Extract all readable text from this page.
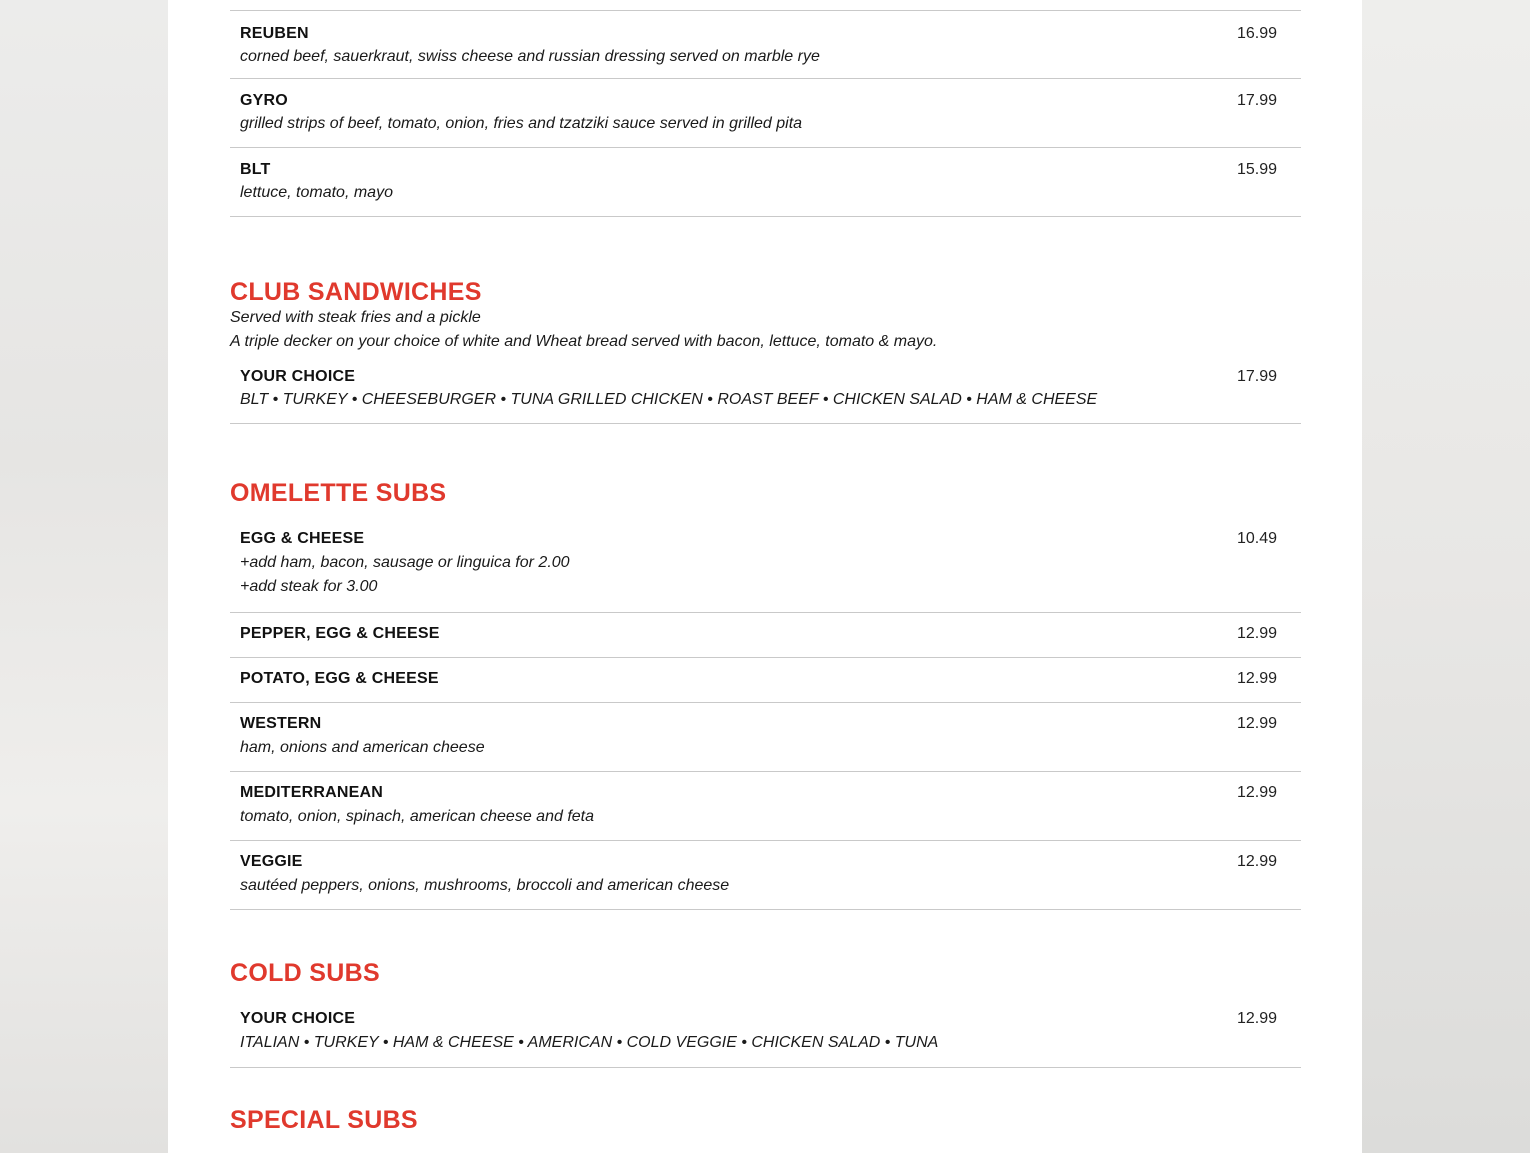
REUBEN	16.99
corned beef, sauerkraut, swiss cheese and russian dressing served on marble rye
GYRO	17.99
grilled strips of beef, tomato, onion, fries and tzatziki sauce served in grilled pita
BLT	15.99
lettuce, tomato, mayo
CLUB SANDWICHES
Served with steak fries and a pickle
A triple decker on your choice of white and Wheat bread served with bacon, lettuce, tomato & mayo.
YOUR CHOICE	17.99
BLT • TURKEY • CHEESEBURGER • TUNA GRILLED CHICKEN • ROAST BEEF • CHICKEN SALAD • HAM & CHEESE
OMELETTE SUBS
EGG & CHEESE	10.49
+add ham, bacon, sausage or linguica for 2.00
+add steak for 3.00
PEPPER, EGG & CHEESE	12.99
POTATO, EGG & CHEESE	12.99
WESTERN	12.99
ham, onions and american cheese
MEDITERRANEAN	12.99
tomato, onion, spinach, american cheese and feta
VEGGIE	12.99
sautéed peppers, onions, mushrooms, broccoli and american cheese
COLD SUBS
YOUR CHOICE	12.99
ITALIAN • TURKEY • HAM & CHEESE • AMERICAN • COLD VEGGIE • CHICKEN SALAD • TUNA
SPECIAL SUBS
